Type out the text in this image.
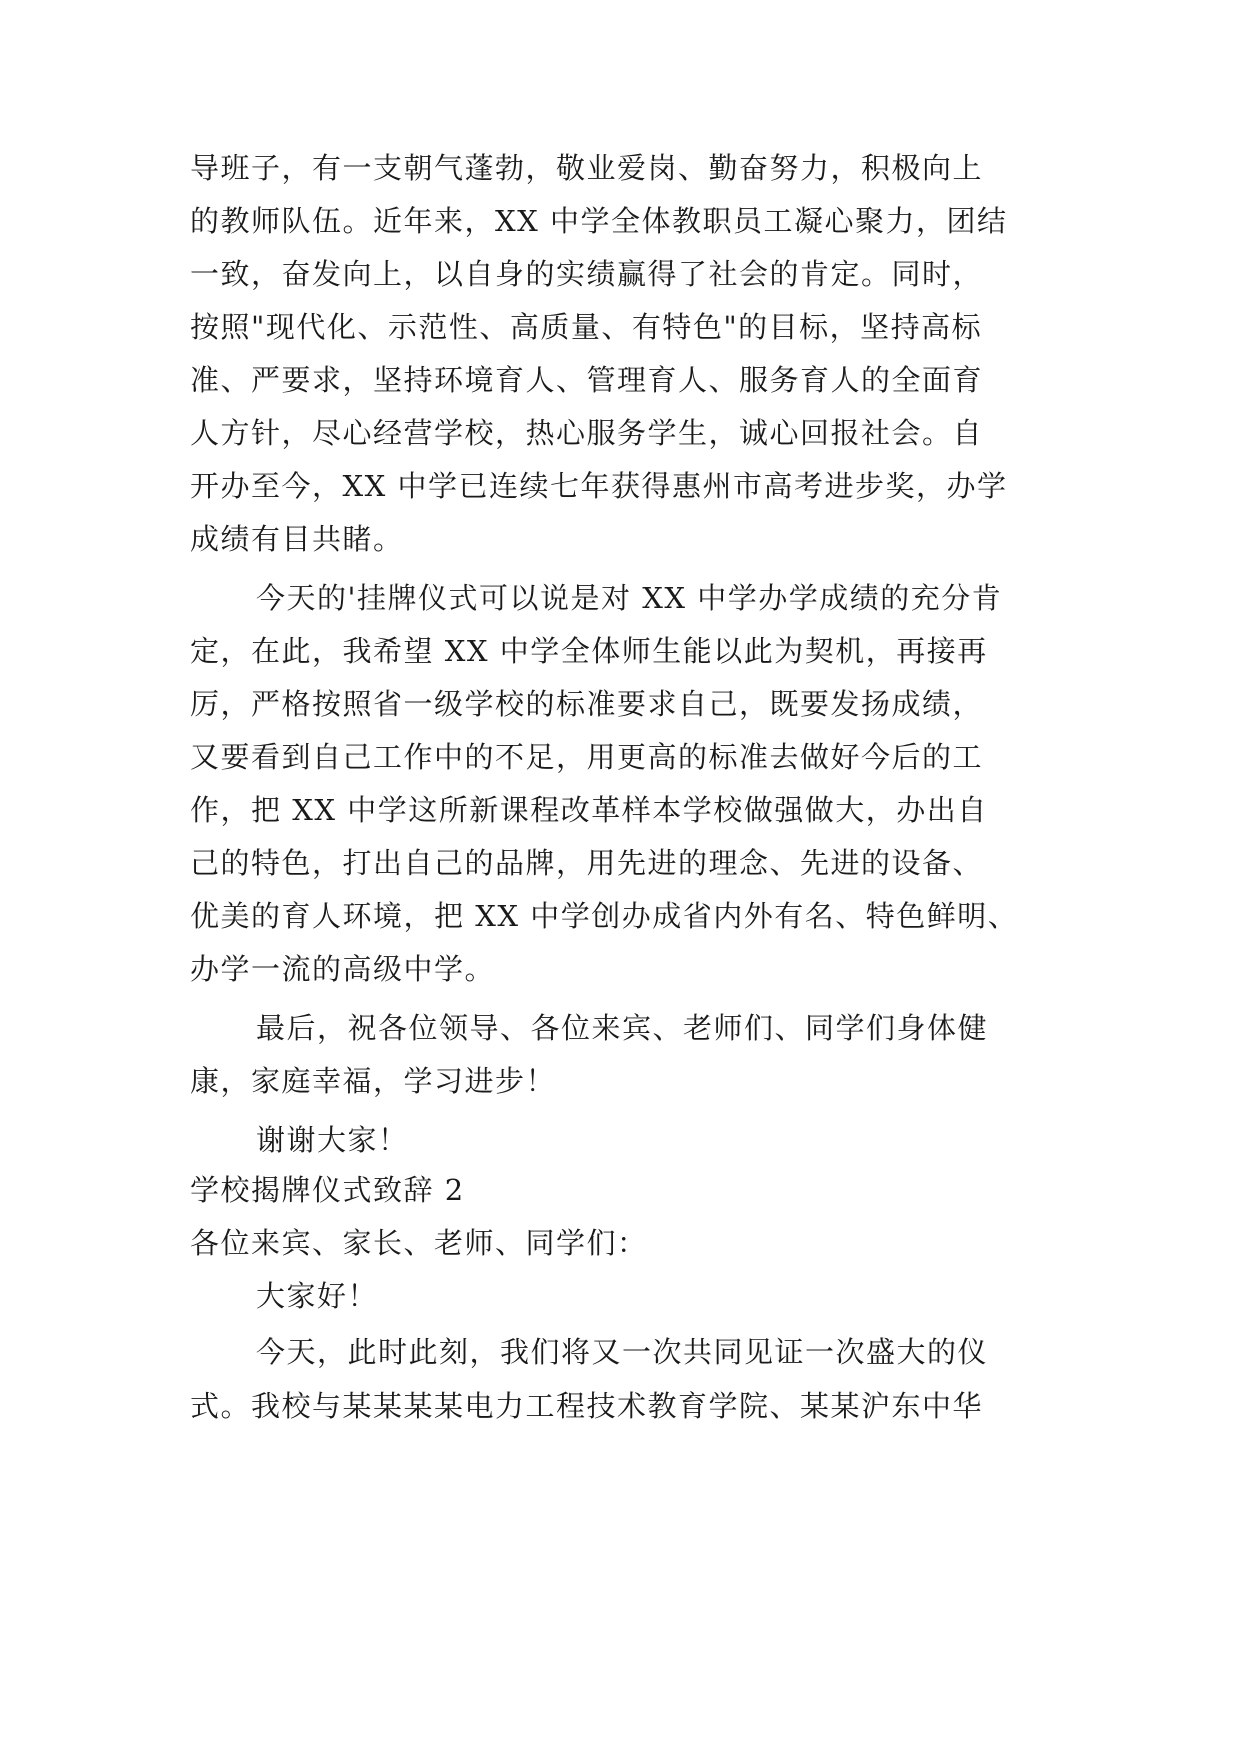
导班子，有一支朝气蓬勃，敬业爱岗、勤奋努力，积极向上
的教师队伍。近年来，XX 中学全体教职员工凝心聚力，团结
一致，奋发向上，以自身的实绩赢得了社会的肯定。同时，
按照"现代化、示范性、高质量、有特色"的目标，坚持高标
准、严要求，坚持环境育人、管理育人、服务育人的全面育
人方针，尽心经营学校，热心服务学生，诚心回报社会。自
开办至今，XX 中学已连续七年获得惠州市高考进步奖，办学
成绩有目共睹。
今天的'挂牌仪式可以说是对 XX 中学办学成绩的充分肯
定，在此，我希望 XX 中学全体师生能以此为契机，再接再
厉，严格按照省一级学校的标准要求自己，既要发扬成绩，
又要看到自己工作中的不足，用更高的标准去做好今后的工
作，把 XX 中学这所新课程改革样本学校做强做大，办出自
己的特色，打出自己的品牌，用先进的理念、先进的设备、
优美的育人环境，把 XX 中学创办成省内外有名、特色鲜明、
办学一流的高级中学。
最后，祝各位领导、各位来宾、老师们、同学们身体健
康，家庭幸福，学习进步！
谢谢大家！
学校揭牌仪式致辞 2
各位来宾、家长、老师、同学们：
大家好！
今天，此时此刻，我们将又一次共同见证一次盛大的仪
式。我校与某某某某电力工程技术教育学院、某某沪东中华
